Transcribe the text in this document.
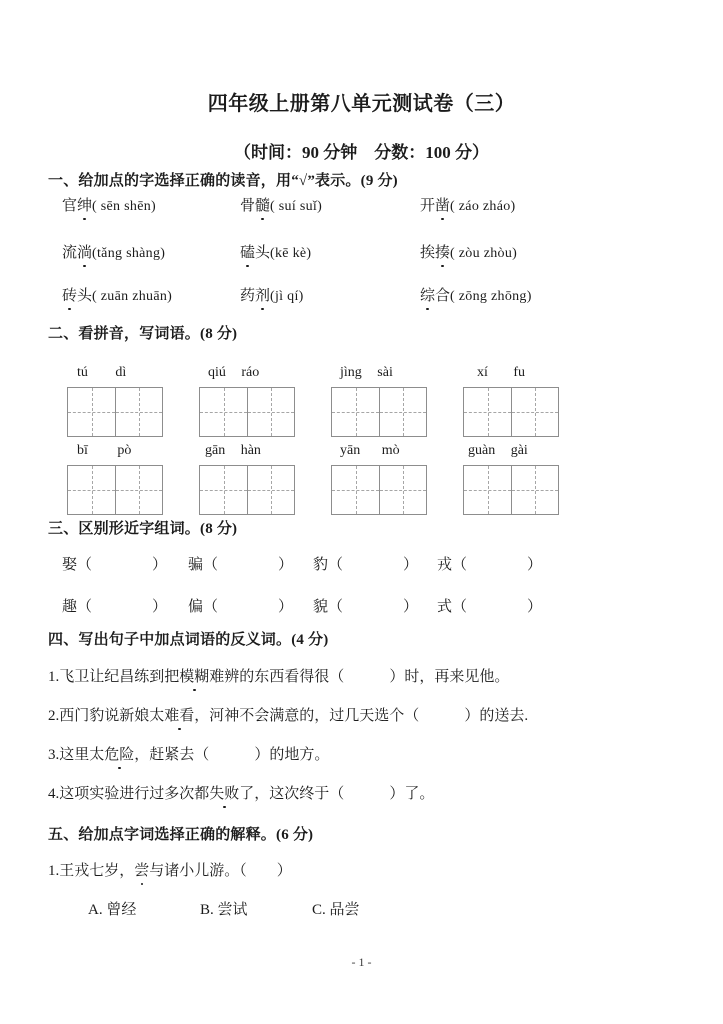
四年级上册第八单元测试卷（三）
（时间：90 分钟　分数：100 分）
一、给加点的字选择正确的读音，用“√”表示。(9 分)
官绅( sēn shēn)	骨髓( suí suǐ)	开凿( záo zháo)
流淌(tǎng shàng)	磕头(kē kè)	挨揍( zòu zhòu)
砖头( zuān zhuān)	药剂(jì qí)	综合( zōng zhōng)
二、看拼音，写词语。(8 分)
tú dì	qiú ráo	jìng sài	xí fu
bī pò	gān hàn	yān mò	guàn gài
三、区别形近字组词。(8 分)
娶（　　　　） 骗（　　　　） 豹（　　　　） 戎（　　　　）
趣（　　　　） 偏（　　　　） 貌（　　　　） 式（　　　　）
四、写出句子中加点词语的反义词。(4 分)
1.飞卫让纪昌练到把模糊难辨的东西看得很（　　　	）时，再来见他。
2.西门豹说新娘太难看，河神不会满意的，过几天选个（　　　	）的送去.
3.这里太危险，赶紧去（　　　	）的地方。
4.这项实验进行过多次都失败了，这次终于（　　　	）了。
五、给加点字词选择正确的解释。(6 分)
1.王戎七岁，尝与诸小儿游。（　　）
A. 曾经	B. 尝试	C. 品尝
- 1 -
